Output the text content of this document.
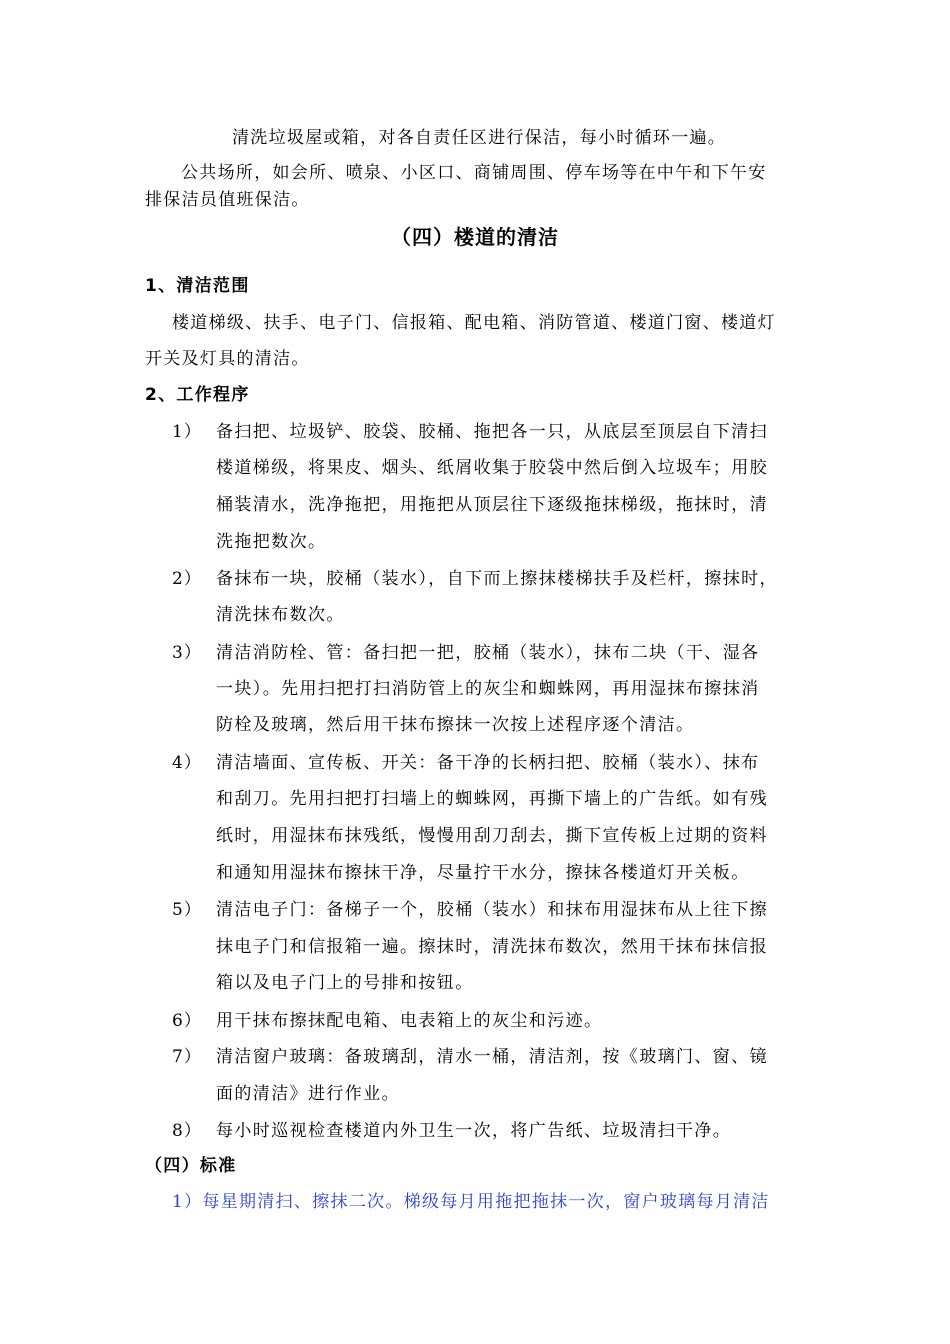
清洗垃圾屋或箱，对各自责任区进行保洁，每小时循环一遍。
公共场所，如会所、喷泉、小区口、商铺周围、停车场等在中午和下午安
排保洁员值班保洁。
（四）楼道的清洁
1、清洁范围
楼道梯级、扶手、电子门、信报箱、配电箱、消防管道、楼道门窗、楼道灯
开关及灯具的清洁。
2、工作程序
1） 备扫把、垃圾铲、胶袋、胶桶、拖把各一只，从底层至顶层自下清扫
楼道梯级，将果皮、烟头、纸屑收集于胶袋中然后倒入垃圾车；用胶
桶装清水，洗净拖把，用拖把从顶层往下逐级拖抹梯级，拖抹时，清
洗拖把数次。
2） 备抹布一块，胶桶（装水），自下而上擦抹楼梯扶手及栏杆，擦抹时，
清洗抹布数次。
3） 清洁消防栓、管：备扫把一把，胶桶（装水），抹布二块（干、湿各
一块）。先用扫把打扫消防管上的灰尘和蜘蛛网，再用湿抹布擦抹消
防栓及玻璃，然后用干抹布擦抹一次按上述程序逐个清洁。
4） 清洁墙面、宣传板、开关：备干净的长柄扫把、胶桶（装水）、抹布
和刮刀。先用扫把打扫墙上的蜘蛛网，再撕下墙上的广告纸。如有残
纸时，用湿抹布抹残纸，慢慢用刮刀刮去，撕下宣传板上过期的资料
和通知用湿抹布擦抹干净，尽量拧干水分，擦抹各楼道灯开关板。
5） 清洁电子门：备梯子一个，胶桶（装水）和抹布用湿抹布从上往下擦
抹电子门和信报箱一遍。擦抹时，清洗抹布数次，然用干抹布抹信报
箱以及电子门上的号排和按钮。
6） 用干抹布擦抹配电箱、电表箱上的灰尘和污迹。
7） 清洁窗户玻璃：备玻璃刮，清水一桶，清洁剂，按《玻璃门、窗、镜
面的清洁》进行作业。
8） 每小时巡视检查楼道内外卫生一次，将广告纸、垃圾清扫干净。
（四）标准
1）每星期清扫、擦抹二次。梯级每月用拖把拖抹一次，窗户玻璃每月清洁
